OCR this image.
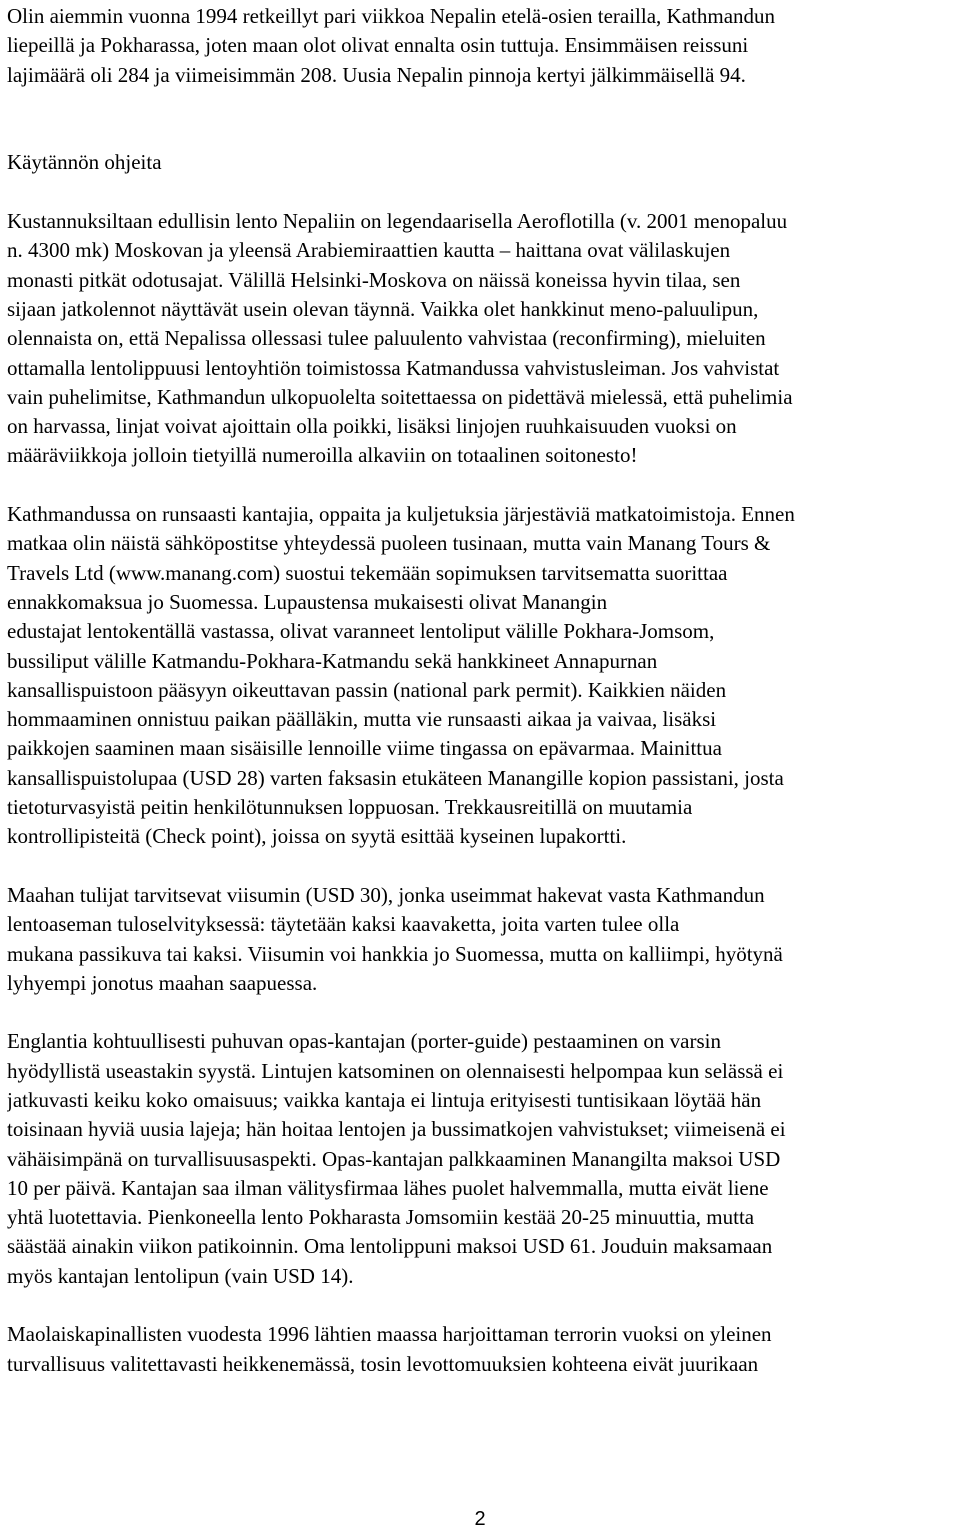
Olin aiemmin vuonna 1994 retkeillyt pari viikkoa Nepalin etelä-osien terailla, Kathmandun
liepeillä ja Pokharassa, joten maan olot olivat ennalta osin tuttuja. Ensimmäisen reissuni
lajimäärä oli 284 ja viimeisimmän 208. Uusia Nepalin pinnoja kertyi jälkimmäisellä 94.
Käytännön ohjeita
Kustannuksiltaan edullisin lento Nepaliin on legendaarisella Aeroflotilla (v. 2001 menopaluu
n. 4300 mk) Moskovan ja yleensä Arabiemiraattien kautta – haittana ovat välilaskujen
monasti pitkät odotusajat. Välillä Helsinki-Moskova on näissä koneissa hyvin tilaa, sen
sijaan jatkolennot näyttävät usein olevan täynnä. Vaikka olet hankkinut meno-paluulipun,
olennaista on, että Nepalissa ollessasi tulee paluulento vahvistaa (reconfirming), mieluiten
ottamalla lentolippuusi lentoyhtiön toimistossa Katmandussa vahvistusleiman. Jos vahvistat
vain puhelimitse, Kathmandun ulkopuolelta soitettaessa on pidettävä mielessä, että puhelimia
on harvassa, linjat voivat ajoittain olla poikki, lisäksi linjojen ruuhkaisuuden vuoksi on
määräviikkoja jolloin tietyillä numeroilla alkaviin on totaalinen soitonesto!
Kathmandussa on runsaasti kantajia, oppaita ja kuljetuksia järjestäviä matkatoimistoja. Ennen
matkaa olin näistä sähköpostitse yhteydessä puoleen tusinaan, mutta vain Manang Tours &
Travels Ltd (www.manang.com) suostui tekemään sopimuksen tarvitsematta suorittaa
ennakkomaksua jo Suomessa. Lupaustensa mukaisesti olivat Manangin
edustajat lentokentällä vastassa, olivat varanneet lentoliput välille Pokhara-Jomsom,
bussiliput välille Katmandu-Pokhara-Katmandu sekä hankkineet Annapurnan
kansallispuistoon pääsyyn oikeuttavan passin (national park permit). Kaikkien näiden
hommaaminen onnistuu paikan päälläkin, mutta vie runsaasti aikaa ja vaivaa, lisäksi
paikkojen saaminen maan sisäisille lennoille viime tingassa on epävarmaa. Mainittua
kansallispuistolupaa (USD 28) varten faksasin etukäteen Manangille kopion passistani, josta
tietoturvasyistä peitin henkilötunnuksen loppuosan. Trekkausreitillä on muutamia
kontrollipisteitä (Check point), joissa on syytä esittää kyseinen lupakortti.
Maahan tulijat tarvitsevat viisumin (USD 30), jonka useimmat hakevat vasta Kathmandun
lentoaseman tuloselvityksessä: täytetään kaksi kaavaketta, joita varten tulee olla
mukana passikuva tai kaksi. Viisumin voi hankkia jo Suomessa, mutta on kalliimpi, hyötynä
lyhyempi jonotus maahan saapuessa.
Englantia kohtuullisesti puhuvan opas-kantajan (porter-guide) pestaaminen on varsin
hyödyllistä useastakin syystä. Lintujen katsominen on olennaisesti helpompaa kun selässä ei
jatkuvasti keiku koko omaisuus; vaikka kantaja ei lintuja erityisesti tuntisikaan löytää hän
toisinaan hyviä uusia lajeja; hän hoitaa lentojen ja bussimatkojen vahvistukset; viimeisenä ei
vähäisimpänä on turvallisuusaspekti. Opas-kantajan palkkaaminen Manangilta maksoi USD
10 per päivä. Kantajan saa ilman välitysfirmaa lähes puolet halvemmalla, mutta eivät liene
yhtä luotettavia. Pienkoneella lento Pokharasta Jomsomiin kestää 20-25 minuuttia, mutta
säästää ainakin viikon patikoinnin. Oma lentolippuni maksoi USD 61. Jouduin maksamaan
myös kantajan lentolipun (vain USD 14).
Maolaiskapinallisten vuodesta 1996 lähtien maassa harjoittaman terrorin vuoksi on yleinen
turvallisuus valitettavasti heikkenemässä, tosin levottomuuksien kohteena eivät juurikaan
2
